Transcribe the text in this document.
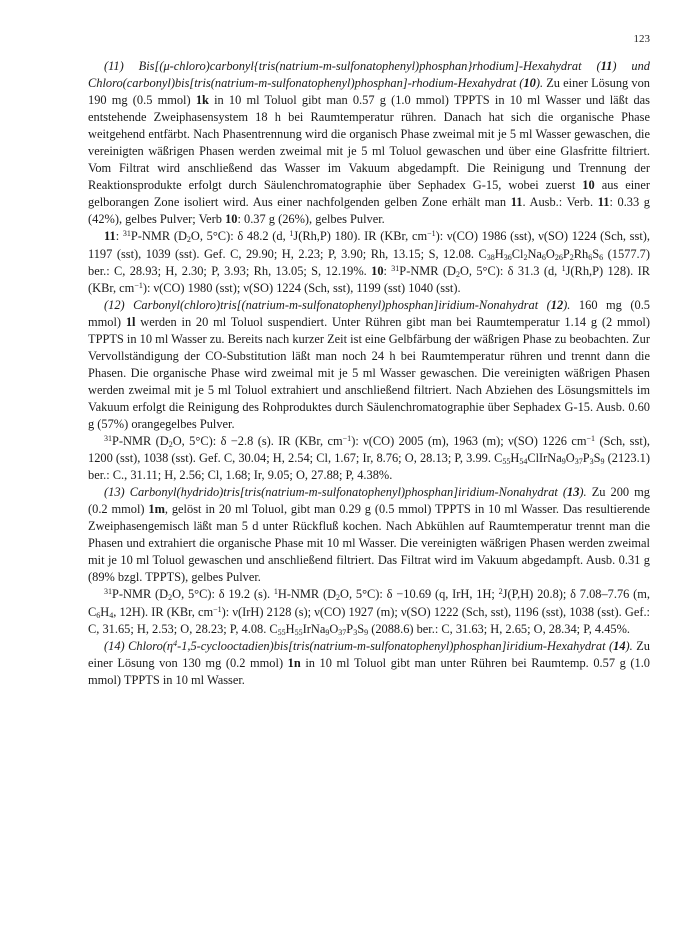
123

(11) Bis[(μ-chloro)carbonyl{tris(natrium-m-sulfonatophenyl)phosphan}rhodium]-Hexahydrat (11) und Chloro(carbonyl)bis[tris(natrium-m-sulfonatophenyl)phosphan]-rhodium-Hexahydrat (10). Zu einer Lösung von 190 mg (0.5 mmol) 1k in 10 ml Toluol gibt man 0.57 g (1.0 mmol) TPPTS in 10 ml Wasser und läßt das entstehende Zweiphasensystem 18 h bei Raumtemperatur rühren. Danach hat sich die organische Phase weitgehend entfärbt. Nach Phasentrennung wird die organisch Phase zweimal mit je 5 ml Wasser gewaschen, die vereinigten wäßrigen Phasen werden zweimal mit je 5 ml Toluol gewaschen und über eine Glasfritte filtriert. Vom Filtrat wird anschließend das Wasser im Vakuum abgedampft. Die Reinigung und Trennung der Reaktionsprodukte erfolgt durch Säulenchromatographie über Sephadex G-15, wobei zuerst 10 aus einer gelborangen Zone isoliert wird. Aus einer nachfolgenden gelben Zone erhält man 11. Ausb.: Verb. 11: 0.33 g (42%), gelbes Pulver; Verb 10: 0.37 g (26%), gelbes Pulver.

11: $^{31}$P-NMR ($D_2O$, 5°C): δ 48.2 (d, $^1$J(Rh,P) 180). IR (KBr, $cm^{-1}$): ν(CO) 1986 (sst), ν(SO) 1224 (Sch, sst), 1197 (sst), 1039 (sst). Gef. C, 29.90; H, 2.23; P, 3.90; Rh, 13.15; S, 12.08. $C_{38}H_{36}Cl_2Na_6O_{26}P_2Rh_6S_6$ (1577.7) ber.: C, 28.93; H, 2.30; P, 3.93; Rh, 13.05; S, 12.19%. 10: $^{31}$P-NMR ($D_2O$, 5°C): δ 31.3 (d, $^1$J(Rh,P) 128). IR (KBr, $cm^{-1}$): ν(CO) 1980 (sst); ν(SO) 1224 (Sch, sst), 1199 (sst) 1040 (sst).

(12) Carbonyl(chloro)tris[(natrium-m-sulfonatophenyl)phosphan]iridium-Nonahydrat (12). 160 mg (0.5 mmol) 1l werden in 20 ml Toluol suspendiert. Unter Rühren gibt man bei Raumtemperatur 1.14 g (2 mmol) TPPTS in 10 ml Wasser zu. Bereits nach kurzer Zeit ist eine Gelbfärbung der wäßrigen Phase zu beobachten. Zur Vervollständigung der CO-Substitution läßt man noch 24 h bei Raumtemperatur rühren und trennt dann die Phasen. Die organische Phase wird zweimal mit je 5 ml Wasser gewaschen. Die vereinigten wäßrigen Phasen werden zweimal mit je 5 ml Toluol extrahiert und anschließend filtriert. Nach Abziehen des Lösungsmittels im Vakuum erfolgt die Reinigung des Rohproduktes durch Säulenchromatographie über Sephadex G-15. Ausb. 0.60 g (57%) orangegelbes Pulver.

$^{31}$P-NMR ($D_2O$, 5°C): δ −2.8 (s). IR (KBr, $cm^{-1}$): ν(CO) 2005 (m), 1963 (m); ν(SO) 1226 $cm^{-1}$ (Sch, sst), 1200 (sst), 1038 (sst). Gef. C, 30.04; H, 2.54; Cl, 1.67; Ir, 8.76; O, 28.13; P, 3.99. $C_{55}H_{54}ClIrNa_9O_{37}P_3S_9$ (2123.1) ber.: C., 31.11; H, 2.56; Cl, 1.68; Ir, 9.05; O, 27.88; P, 4.38%.

(13) Carbonyl(hydrido)tris[tris(natrium-m-sulfonatophenyl)phosphan]iridium-Nonahydrat (13). Zu 200 mg (0.2 mmol) 1m, gelöst in 20 ml Toluol, gibt man 0.29 g (0.5 mmol) TPPTS in 10 ml Wasser. Das resultierende Zweiphasengemisch läßt man 5 d unter Rückfluß kochen. Nach Abkühlen auf Raumtemperatur trennt man die Phasen und extrahiert die organische Phase mit 10 ml Wasser. Die vereinigten wäßrigen Phasen werden zweimal mit je 10 ml Toluol gewaschen und anschließend filtriert. Das Filtrat wird im Vakuum abgedampft. Ausb. 0.31 g (89% bzgl. TPPTS), gelbes Pulver.

$^{31}$P-NMR ($D_2O$, 5°C): δ 19.2 (s). $^1$H-NMR ($D_2O$, 5°C): δ −10.69 (q, IrH, 1H; $^2$J(P,H) 20.8); δ 7.08–7.76 (m, $C_6H_4$, 12H). IR (KBr, $cm^{-1}$): ν(IrH) 2128 (s); ν(CO) 1927 (m); ν(SO) 1222 (Sch, sst), 1196 (sst), 1038 (sst). Gef.: C, 31.65; H, 2.53; O, 28.23; P, 4.08. $C_{55}H_{55}IrNa_9O_{37}P_3S_9$ (2088.6) ber.: C, 31.63; H, 2.65; O, 28.34; P, 4.45%.

(14) $Chloro(\eta^4-1,5-cyclooctadien)bis[tris(natrium-m-sulfonatophenyl)phosphan]iridium$-Hexahydrat (14). Zu einer Lösung von 130 mg (0.2 mmol) 1n in 10 ml Toluol gibt man unter Rühren bei Raumtemp. 0.57 g (1.0 mmol) TPPTS in 10 ml Wasser.
